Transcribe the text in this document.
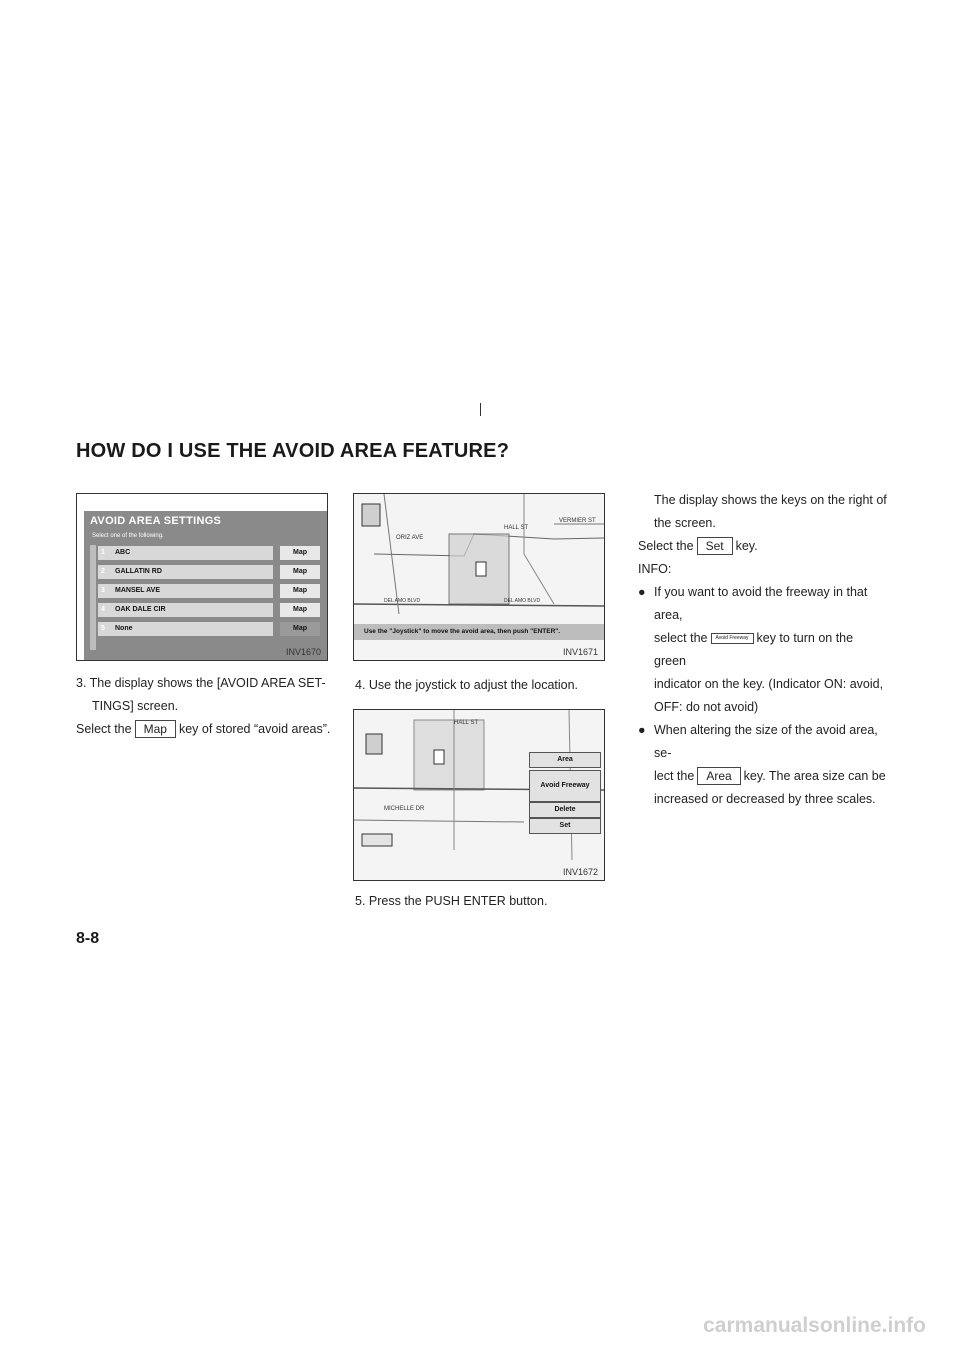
HOW DO I USE THE AVOID AREA FEATURE?
AVOID AREA SETTINGS
Select one of the following.
1 ABC	Map
2 GALLATIN RD	Map
3 MANSEL AVE	Map
4 OAK DALE CIR	Map
5 None	Map
INV1670
ORIZ AVE
HALL ST
VERMIER ST
DEL AMO BLVD	DEL AMO BLVD
Use the "Joystick" to move the avoid area, then push "ENTER".
INV1671
HALL ST
MICHELLE DR
Area
Avoid Freeway
Delete
Set
INV1672
3. The display shows the [AVOID AREA SET-
TINGS] screen.
Select the Map key of stored “avoid areas”.
4. Use the joystick to adjust the location.
5. Press the PUSH ENTER button.
The display shows the keys on the right of
the screen.
Select the Set key.
INFO:
● If you want to avoid the freeway in that area,
select the Avoid Freeway key to turn on the green
indicator on the key. (Indicator ON: avoid,
OFF: do not avoid)
● When altering the size of the avoid area, se-
lect the Area key. The area size can be
increased or decreased by three scales.
8-8
carmanualsonline.info
